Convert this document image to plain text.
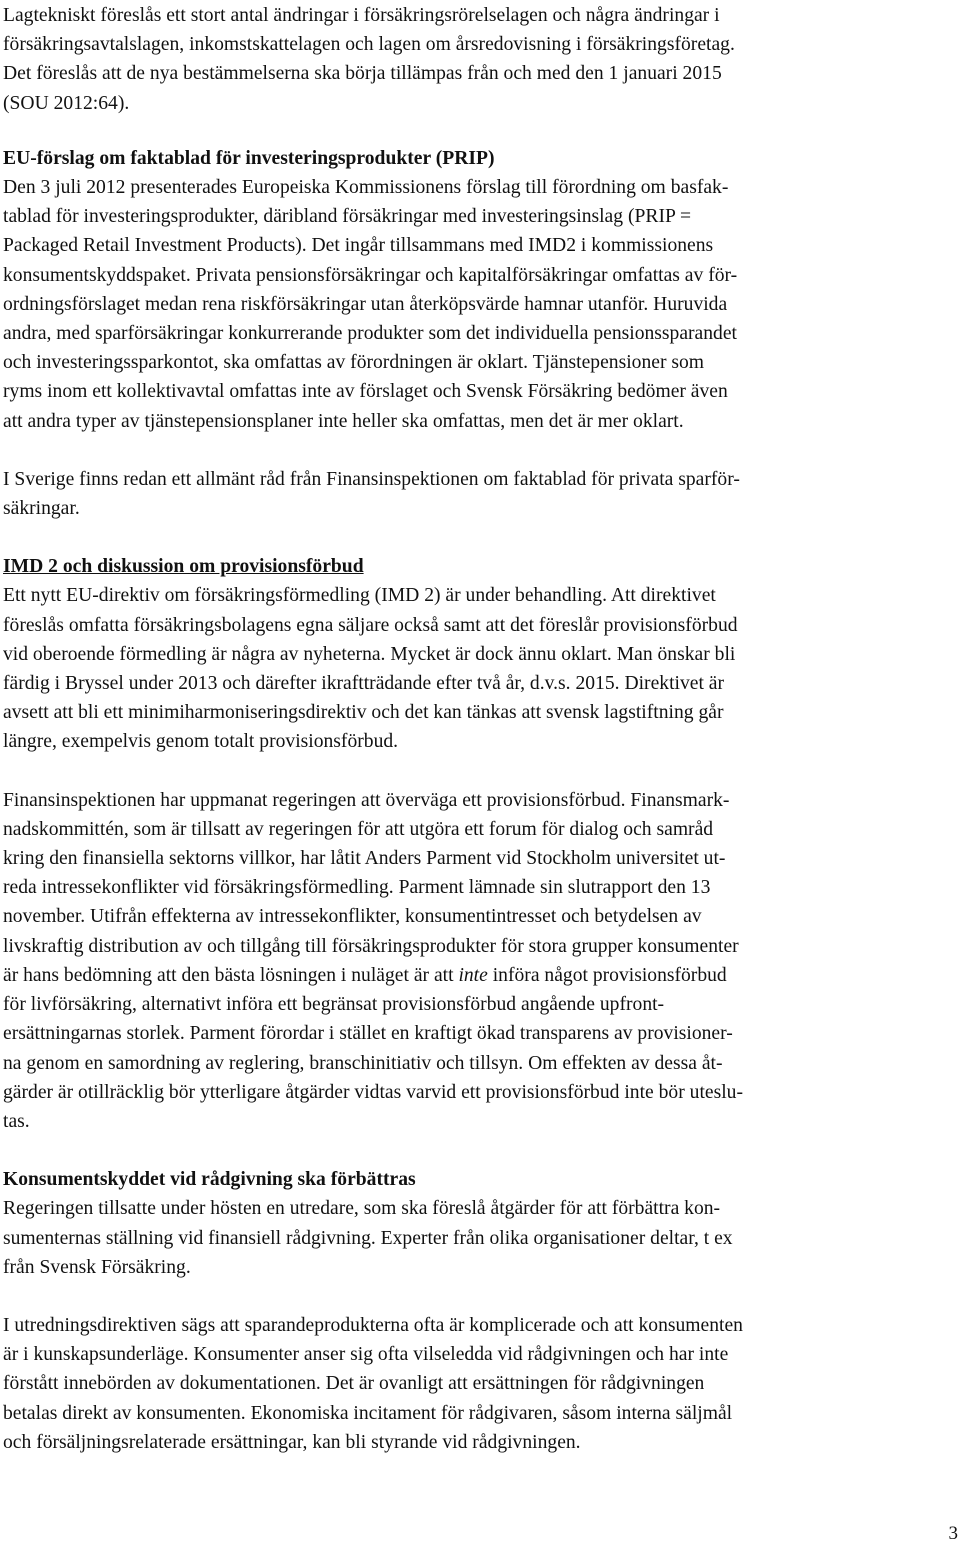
Lagtekniskt föreslås ett stort antal ändringar i försäkringsrörelselagen och några ändringar i
försäkringsavtalslagen, inkomstskattelagen och lagen om årsredovisning i försäkringsföretag.
Det föreslås att de nya bestämmelserna ska börja tillämpas från och med den 1 januari 2015
(SOU 2012:64).
EU-förslag om faktablad för investeringsprodukter (PRIP)
Den 3 juli 2012 presenterades Europeiska Kommissionens förslag till förordning om basfak-
tablad för investeringsprodukter, däribland försäkringar med investeringsinslag (PRIP =
Packaged Retail Investment Products). Det ingår tillsammans med IMD2 i kommissionens
konsumentskyddspaket. Privata pensionsförsäkringar och kapitalförsäkringar omfattas av för-
ordningsförslaget medan rena riskförsäkringar utan återköpsvärde hamnar utanför. Huruvida
andra, med sparförsäkringar konkurrerande produkter som det individuella pensionssparandet
och investeringssparkontot, ska omfattas av förordningen är oklart. Tjänstepensioner som
ryms inom ett kollektivavtal omfattas inte av förslaget och Svensk Försäkring bedömer även
att andra typer av tjänstepensionsplaner inte heller ska omfattas, men det är mer oklart.
I Sverige finns redan ett allmänt råd från Finansinspektionen om faktablad för privata sparför-
säkringar.
IMD 2 och diskussion om provisionsförbud
Ett nytt EU-direktiv om försäkringsförmedling (IMD 2) är under behandling. Att direktivet
föreslås omfatta försäkringsbolagens egna säljare också samt att det föreslår provisionsförbud
vid oberoende förmedling är några av nyheterna. Mycket är dock ännu oklart. Man önskar bli
färdig i Bryssel under 2013 och därefter ikraftträdande efter två år, d.v.s. 2015. Direktivet är
avsett att bli ett minimiharmoniseringsdirektiv och det kan tänkas att svensk lagstiftning går
längre, exempelvis genom totalt provisionsförbud.
Finansinspektionen har uppmanat regeringen att överväga ett provisionsförbud. Finansmark-
nadskommittén, som är tillsatt av regeringen för att utgöra ett forum för dialog och samråd
kring den finansiella sektorns villkor, har låtit Anders Parment vid Stockholm universitet ut-
reda intressekonflikter vid försäkringsförmedling. Parment lämnade sin slutrapport den 13
november. Utifrån effekterna av intressekonflikter, konsumentintresset och betydelsen av
livskraftig distribution av och tillgång till försäkringsprodukter för stora grupper konsumenter
är hans bedömning att den bästa lösningen i nuläget är att inte införa något provisionsförbud
för livförsäkring, alternativt införa ett begränsat provisionsförbud angående upfront-
ersättningarnas storlek. Parment förordar i stället en kraftigt ökad transparens av provisioner-
na genom en samordning av reglering, branschinitiativ och tillsyn. Om effekten av dessa åt-
gärder är otillräcklig bör ytterligare åtgärder vidtas varvid ett provisionsförbud inte bör uteslu-
tas.
Konsumentskyddet vid rådgivning ska förbättras
Regeringen tillsatte under hösten en utredare, som ska föreslå åtgärder för att förbättra kon-
sumenternas ställning vid finansiell rådgivning. Experter från olika organisationer deltar, t ex
från Svensk Försäkring.
I utredningsdirektiven sägs att sparandeprodukterna ofta är komplicerade och att konsumenten
är i kunskapsunderläge. Konsumenter anser sig ofta vilseledda vid rådgivningen och har inte
förstått innebörden av dokumentationen. Det är ovanligt att ersättningen för rådgivningen
betalas direkt av konsumenten. Ekonomiska incitament för rådgivaren, såsom interna säljmål
och försäljningsrelaterade ersättningar, kan bli styrande vid rådgivningen.
3
